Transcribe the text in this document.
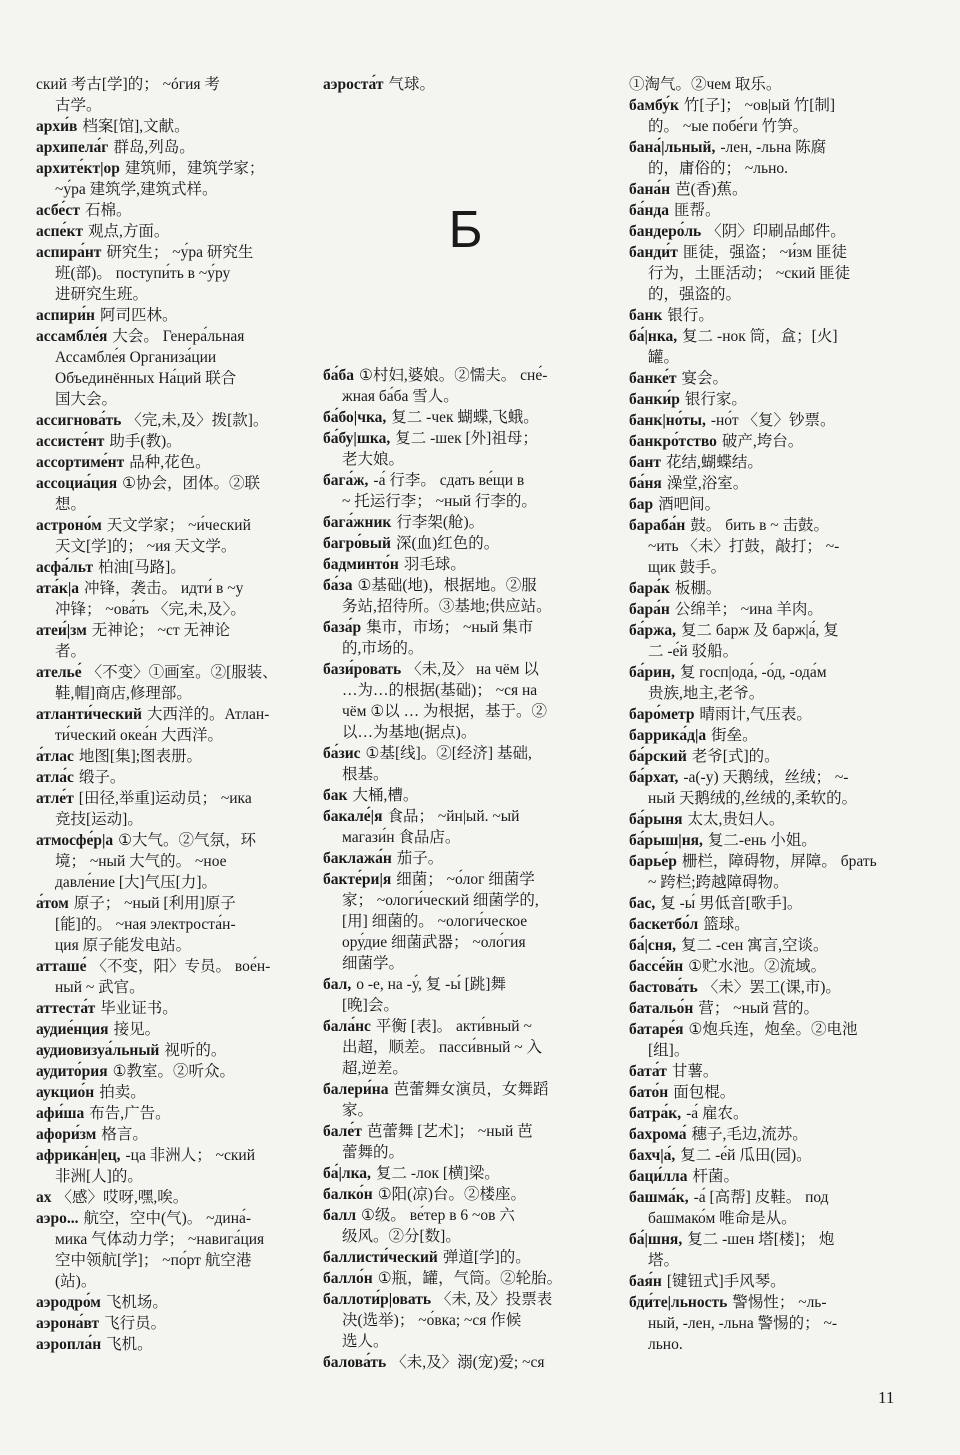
ский 考古[学]的； ~óгия 考
古学。
архи́в 档案[馆],文献。
архипела́г 群岛,列岛。
архите́кт|ор 建筑师，建筑学家；
~у́ра 建筑学,建筑式样。
асбе́ст 石棉。
аспе́кт 观点,方面。
аспира́нт 研究生； ~у́ра 研究生
班(部)。 поступи́ть в ~у́ру
进研究生班。
аспири́н 阿司匹林。
ассамбле́я 大会。 Генера́льная
Ассамбле́я Организа́ции
Объединённых На́ций 联合
国大会。
ассигнова́ть 〈完,未,及〉拨[款]。
ассисте́нт 助手(教)。
ассортиме́нт 品种,花色。
ассоциа́ция ①协会，团体。②联
想。
астроно́м 天文学家； ~и́ческий
天文[学]的； ~ия 天文学。
асфа́льт 柏油[马路]。
ата́к|а 冲锋，袭击。 идти́ в ~у
冲锋； ~ова́ть 〈完,未,及〉。
атеи́|зм 无神论； ~ст 无神论
者。
ателье́ 〈不变〉①画室。②[服装、
鞋,帽]商店,修理部。
атланти́ческий 大西洋的。Атлан-
ти́ческий океа́н 大西洋。
а́тлас 地图[集];图表册。
атла́с 缎子。
атле́т [田径,举重]运动员； ~ика
竞技[运动]。
атмосфе́р|а ①大气。②气氛，环
境； ~ный 大气的。 ~ное
давле́ние [大]气压[力]。
а́том 原子； ~ный [利用]原子
[能]的。 ~ная электроста́н-
ция 原子能发电站。
атташе́ 〈不变，阳〉专员。 вое́н-
ный ~ 武官。
аттеста́т 毕业证书。
аудие́нция 接见。
аудиовизуа́льный 视听的。
аудито́рия ①教室。②听众。
аукцио́н 拍卖。
афи́ша 布告,广告。
афори́зм 格言。
африка́н|ец, -ца 非洲人； ~ский
非洲[人]的。
ах 〈感〉哎呀,嘿,唉。
аэро... 航空，空中(气)。 ~дина́-
мика 气体动力学； ~навига́ция
空中领航[学]； ~по́рт 航空港
(站)。
аэродро́м 飞机场。
аэрона́вт 飞行员。
аэропла́н 飞机。
аэроста́т 气球。
Б
ба́ба ①村妇,婆娘。②懦夫。 сне́-
жная ба́ба 雪人。
ба́бо|чка, 复二 -чек 蝴蝶,飞蛾。
ба́бу|шка, 复二 -шек [外]祖母；
老大娘。
бага́ж, -а́ 行李。 сдать ве́щи в
~ 托运行李； ~ный 行李的。
бага́жник 行李架(舱)。
багро́вый 深(血)红色的。
бадминто́н 羽毛球。
ба́за ①基础(地)，根据地。②服
务站,招待所。③基地;供应站。
база́р 集市，市场； ~ный 集市
的,市场的。
бази́ровать 〈未,及〉 на чём 以
…为…的根据(基础)； ~ся на
чём ①以 … 为根据，基于。②
以…为基地(据点)。
ба́зис ①基[线]。②[经济] 基础,
根基。
бак 大桶,槽。
бакале́|я 食品； ~йн|ый. ~ый
магази́н 食品店。
баклажа́н 茄子。
бакте́ри|я 细菌； ~о́лог 细菌学
家； ~ологи́ческий 细菌学的,
[用] 细菌的。 ~ологи́ческое
ору́дие 细菌武器； ~оло́гия
细菌学。
бал, о -е, на -у́, 复 -ы́ [跳]舞
[晚]会。
бала́нс 平衡 [表]。 акти́вный ~
出超，顺差。 пасси́вный ~ 入
超,逆差。
балери́на 芭蕾舞女演员，女舞蹈
家。
бале́т 芭蕾舞 [艺术]； ~ный 芭
蕾舞的。
ба́|лка, 复二 -лок [横]梁。
балко́н ①阳(凉)台。②楼座。
балл ①级。 ве́тер в 6 ~ов 六
级风。②分[数]。
баллисти́ческий 弹道[学]的。
балло́н ①瓶，罐，气筒。②轮胎。
баллоти́р|овать 〈未, 及〉投票表
决(选举)； ~о́вка; ~ся 作候
选人。
балова́ть 〈未,及〉溺(宠)爱; ~ся
①淘气。②чем 取乐。
бамбу́к 竹[子]； ~ов|ый 竹[制]
的。 ~ые побе́ги 竹笋。
бана́|льный, -лен, -льна 陈腐
的，庸俗的； ~льно.
бана́н 芭(香)蕉。
ба́нда 匪帮。
бандеро́ль 〈阴〉印刷品邮件。
банди́т 匪徒，强盗； ~и́зм 匪徒
行为，土匪活动； ~ский 匪徒
的，强盗的。
банк 银行。
ба́|нка, 复二 -нок 筒，盒；[火]
罐。
банке́т 宴会。
банки́р 银行家。
банк|но́ты, -но́т 〈复〉钞票。
банкро́тство 破产,垮台。
бант 花结,蝴蝶结。
ба́ня 澡堂,浴室。
бар 酒吧间。
бараба́н 鼓。 бить в ~ 击鼓。
~ить 〈未〉打鼓，敲打； ~-
щик 鼓手。
бара́к 板棚。
бара́н 公绵羊； ~ина 羊肉。
ба́ржа, 复二 барж 及 барж|а́, 复
二 -е́й 驳船。
ба́рин, 复 госп|ода́, -о́д, -ода́м
贵族,地主,老爷。
баро́метр 晴雨计,气压表。
баррика́д|а 街垒。
ба́рский 老爷[式]的。
ба́рхат, -а(-у) 天鹅绒，丝绒； ~-
ный 天鹅绒的,丝绒的,柔软的。
ба́рыня 太太,贵妇人。
ба́рыш|ня, 复二-ень 小姐。
барье́р 栅栏，障碍物，屏障。 брать
~ 跨栏;跨越障碍物。
бас, 复 -ы́ 男低音[歌手]。
баскетбо́л 篮球。
ба́|сня, 复二 -сен 寓言,空谈。
бассе́йн ①贮水池。②流域。
бастова́ть 〈未〉罢工(课,市)。
батальо́н 营； ~ный 营的。
батаре́я ①炮兵连，炮垒。②电池
[组]。
бата́т 甘薯。
бато́н 面包棍。
батра́к, -а́ 雇农。
бахрома́ 穗子,毛边,流苏。
бахч|а́, 复二 -е́й 瓜田(园)。
баци́лла 杆菌。
башма́к, -а́ [高帮] 皮鞋。 под
башмако́м 唯命是从。
ба́|шня, 复二 -шен 塔[楼]； 炮
塔。
бая́н [键钮式]手风琴。
бди́те|льность 警惕性； ~ль-
ный, -лен, -льна 警惕的； ~-
льно.
11
